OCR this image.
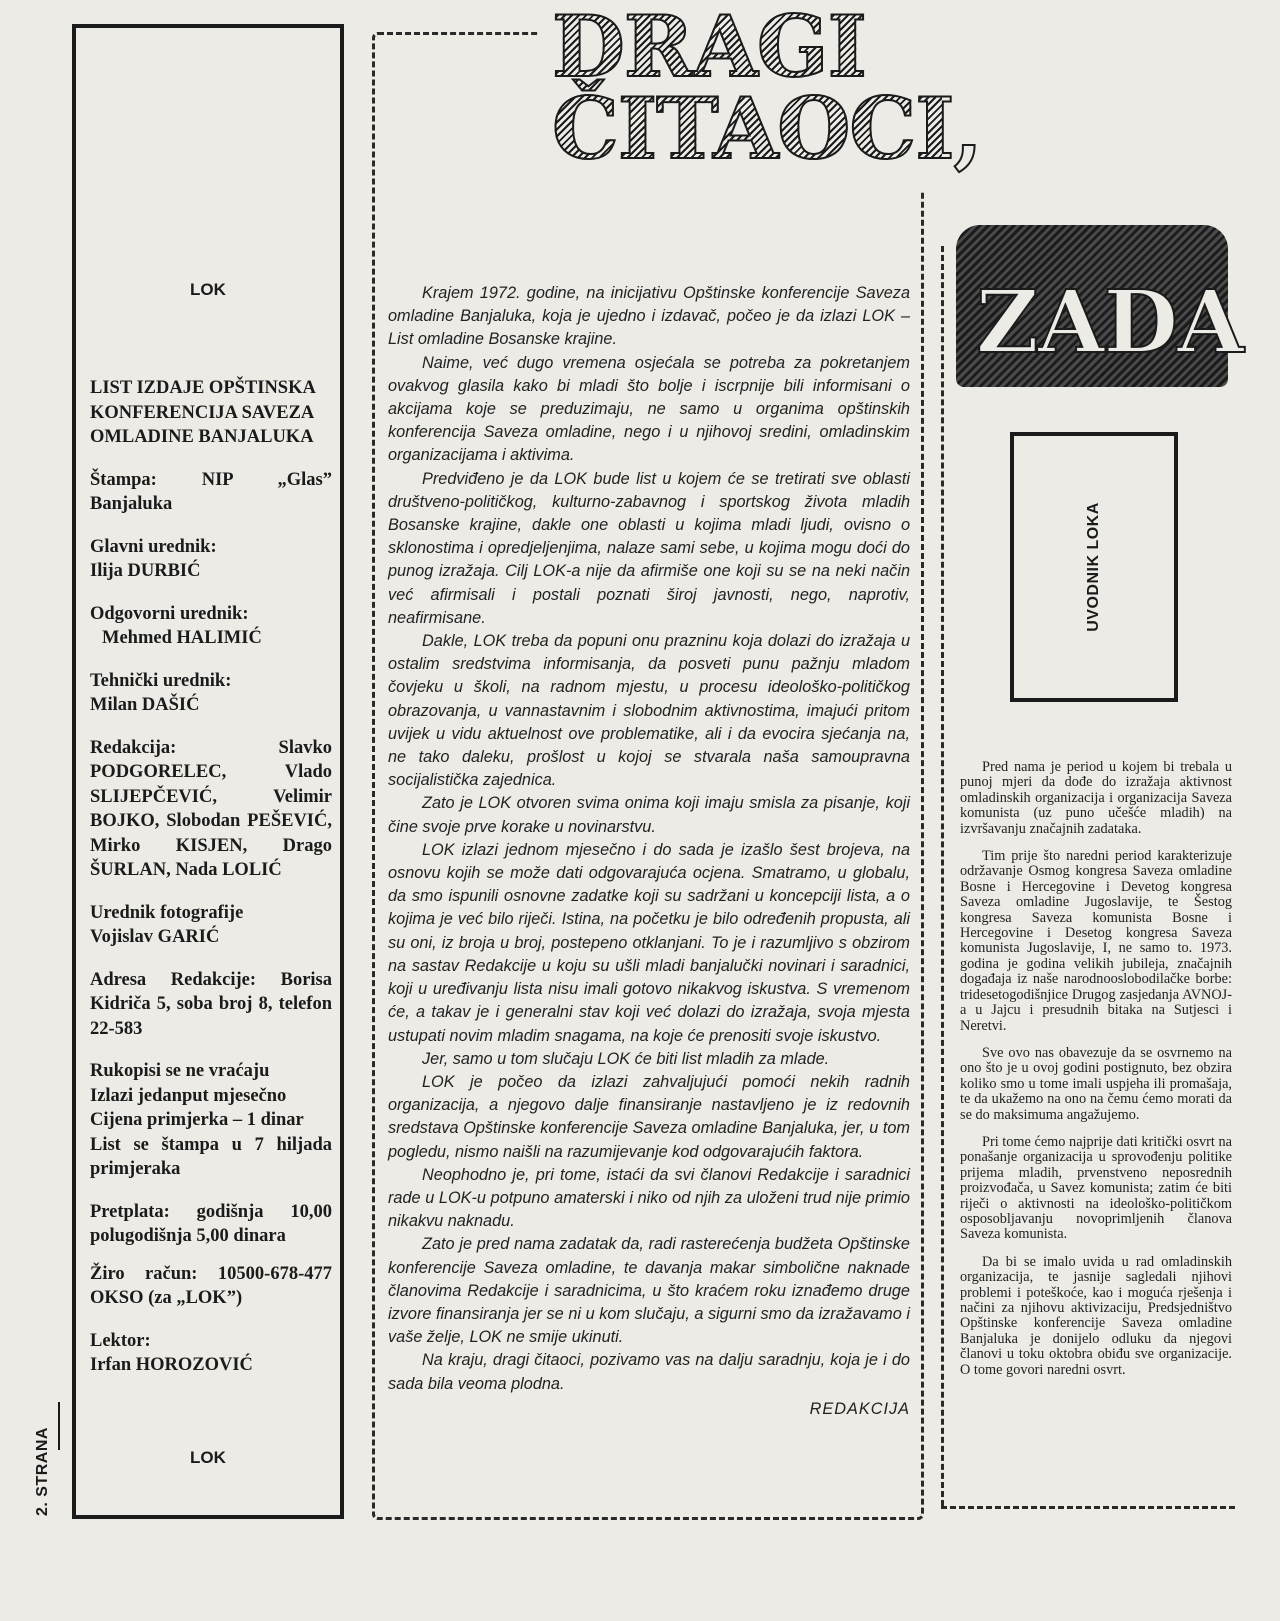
LOK
LIST IZDAJE OPŠTINSKA
KONFERENCIJA SAVEZA
OMLADINE BANJALUKA
Štampa: NIP „Glas” Banjaluka
Glavni urednik:
Ilija DURBIĆ
Odgovorni urednik:
Mehmed HALIMIĆ
Tehnički urednik:
Milan DAŠIĆ
Redakcija: Slavko PODGORELEC, Vlado SLIJEPČEVIĆ, Velimir BOJKO, Slobodan PEŠEVIĆ, Mirko KISJEN, Drago ŠURLAN, Nada LOLIĆ
Urednik fotografije
Vojislav GARIĆ
Adresa Redakcije: Borisa Kidriča 5, soba broj 8, telefon 22-583
Rukopisi se ne vraćaju
Izlazi jedanput mjesečno
Cijena primjerka – 1 dinar
List se štampa u 7 hiljada primjeraka
Pretplata: godišnja 10,00 polugodišnja 5,00 dinara
Žiro račun: 10500-678-477 OKSO (za „LOK”)
Lektor:
Irfan HOROZOVIĆ
LOK
2. STRANA
DRAGI
ČITAOCI,

Krajem 1972. godine, na inicijativu Opštinske konferencije Saveza omladine Banjaluka, koja je ujedno i izdavač, počeo je da izlazi LOK – List omladine Bosanske krajine.

Naime, već dugo vremena osjećala se potreba za pokretanjem ovakvog glasila kako bi mladi što bolje i iscrpnije bili informisani o akcijama koje se preduzimaju, ne samo u organima opštinskih konferencija Saveza omladine, nego i u njihovoj sredini, omladinskim organizacijama i aktivima.

Predviđeno je da LOK bude list u kojem će se tretirati sve oblasti društveno-političkog, kulturno-zabavnog i sportskog života mladih Bosanske krajine, dakle one oblasti u kojima mladi ljudi, ovisno o sklonostima i opredjeljenjima, nalaze sami sebe, u kojima mogu doći do punog izražaja. Cilj LOK-a nije da afirmiše one koji su se na neki način već afirmisali i postali poznati široj javnosti, nego, naprotiv, neafirmisane.

Dakle, LOK treba da popuni onu prazninu koja dolazi do izražaja u ostalim sredstvima informisanja, da posveti punu pažnju mladom čovjeku u školi, na radnom mjestu, u procesu ideološko-političkog obrazovanja, u vannastavnim i slobodnim aktivnostima, imajući pritom uvijek u vidu aktuelnost ove problematike, ali i da evocira sjećanja na, ne tako daleku, prošlost u kojoj se stvarala naša samoupravna socijalistička zajednica.

Zato je LOK otvoren svima onima koji imaju smisla za pisanje, koji čine svoje prve korake u novinarstvu.

LOK izlazi jednom mjesečno i do sada je izašlo šest brojeva, na osnovu kojih se može dati odgovarajuća ocjena. Smatramo, u globalu, da smo ispunili osnovne zadatke koji su sadržani u koncepciji lista, a o kojima je već bilo riječi. Istina, na početku je bilo određenih propusta, ali su oni, iz broja u broj, postepeno otklanjani. To je i razumljivo s obzirom na sastav Redakcije u koju su ušli mladi banjalučki novinari i saradnici, koji u uređivanju lista nisu imali gotovo nikakvog iskustva. S vremenom će, a takav je i generalni stav koji već dolazi do izražaja, svoja mjesta ustupati novim mladim snagama, na koje će prenositi svoje iskustvo.

Jer, samo u tom slučaju LOK će biti list mladih za mlade.

LOK je počeo da izlazi zahvaljujući pomoći nekih radnih organizacija, a njegovo dalje finansiranje nastavljeno je iz redovnih sredstava Opštinske konferencije Saveza omladine Banjaluka, jer, u tom pogledu, nismo naišli na razumijevanje kod odgovarajućih faktora.

Neophodno je, pri tome, istaći da svi članovi Redakcije i saradnici rade u LOK-u potpuno amaterski i niko od njih za uloženi trud nije primio nikakvu naknadu.

Zato je pred nama zadatak da, radi rasterećenja budžeta Opštinske konferencije Saveza omladine, te davanja makar simbolične naknade članovima Redakcije i saradnicima, u što kraćem roku iznađemo druge izvore finansiranja jer se ni u kom slučaju, a sigurni smo da izražavamo i vaše želje, LOK ne smije ukinuti.

Na kraju, dragi čitaoci, pozivamo vas na dalju saradnju, koja je i do sada bila veoma plodna.

REDAKCIJA

ZADA
UVODNIK LOKA

Pred nama je period u kojem bi trebala u punoj mjeri da dođe do izražaja aktivnost omladinskih organizacija i organizacija Saveza komunista (uz puno učešće mladih) na izvršavanju značajnih zadataka.

Tim prije što naredni period karakterizuje održavanje Osmog kongresa Saveza omladine Bosne i Hercegovine i Devetog kongresa Saveza omladine Jugoslavije, te Šestog kongresa Saveza komunista Bosne i Hercegovine i Desetog kongresa Saveza komunista Jugoslavije, I, ne samo to. 1973. godina je godina velikih jubileja, značajnih događaja iz naše narodnooslobodilačke borbe: tridesetogodišnjice Drugog zasjedanja AVNOJ-a u Jajcu i presudnih bitaka na Sutjesci i Neretvi.

Sve ovo nas obavezuje da se osvrnemo na ono što je u ovoj godini postignuto, bez obzira koliko smo u tome imali uspjeha ili promašaja, te da ukažemo na ono na čemu ćemo morati da se do maksimuma angažujemo.

Pri tome ćemo najprije dati kritički osvrt na ponašanje organizacija u sprovođenju politike prijema mladih, prvenstveno neposrednih proizvođača, u Savez komunista; zatim će biti riječi o aktivnosti na ideološko-političkom osposobljavanju novoprimljenih članova Saveza komunista.

Da bi se imalo uvida u rad omladinskih organizacija, te jasnije sagledali njihovi problemi i poteškoće, kao i moguća rješenja i načini za njihovu aktivizaciju, Predsjedništvo Opštinske konferencije Saveza omladine Banjaluka je donijelo odluku da njegovi članovi u toku oktobra obiđu sve organizacije. O tome govori naredni osvrt.
